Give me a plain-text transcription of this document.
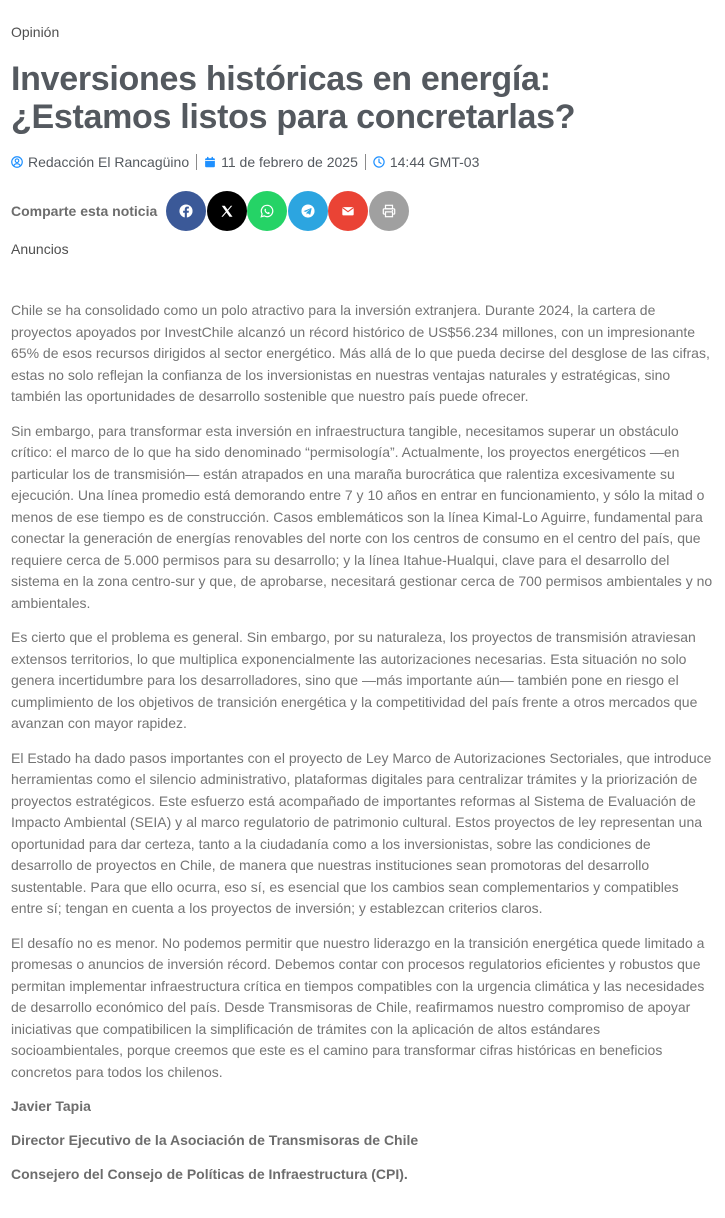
Opinión
Inversiones históricas en energía:
¿Estamos listos para concretarlas?
Redacción El Rancagüino 11 de febrero de 2025 14:44 GMT-03
Comparte esta noticia
Anuncios

Chile se ha consolidado como un polo atractivo para la inversión extranjera. Durante 2024, la cartera de proyectos apoyados por InvestChile alcanzó un récord histórico de US$56.234 millones, con un impresionante 65% de esos recursos dirigidos al sector energético. Más allá de lo que pueda decirse del desglose de las cifras, estas no solo reflejan la confianza de los inversionistas en nuestras ventajas naturales y estratégicas, sino también las oportunidades de desarrollo sostenible que nuestro país puede ofrecer.

Sin embargo, para transformar esta inversión en infraestructura tangible, necesitamos superar un obstáculo crítico: el marco de lo que ha sido denominado “permisología”. Actualmente, los proyectos energéticos —en particular los de transmisión— están atrapados en una maraña burocrática que ralentiza excesivamente su ejecución. Una línea promedio está demorando entre 7 y 10 años en entrar en funcionamiento, y sólo la mitad o menos de ese tiempo es de construcción. Casos emblemáticos son la línea Kimal-Lo Aguirre, fundamental para conectar la generación de energías renovables del norte con los centros de consumo en el centro del país, que requiere cerca de 5.000 permisos para su desarrollo; y la línea Itahue-Hualqui, clave para el desarrollo del sistema en la zona centro-sur y que, de aprobarse, necesitará gestionar cerca de 700 permisos ambientales y no ambientales.

Es cierto que el problema es general. Sin embargo, por su naturaleza, los proyectos de transmisión atraviesan extensos territorios, lo que multiplica exponencialmente las autorizaciones necesarias. Esta situación no solo genera incertidumbre para los desarrolladores, sino que —más importante aún— también pone en riesgo el cumplimiento de los objetivos de transición energética y la competitividad del país frente a otros mercados que avanzan con mayor rapidez.

El Estado ha dado pasos importantes con el proyecto de Ley Marco de Autorizaciones Sectoriales, que introduce herramientas como el silencio administrativo, plataformas digitales para centralizar trámites y la priorización de proyectos estratégicos. Este esfuerzo está acompañado de importantes reformas al Sistema de Evaluación de Impacto Ambiental (SEIA) y al marco regulatorio de patrimonio cultural. Estos proyectos de ley representan una oportunidad para dar certeza, tanto a la ciudadanía como a los inversionistas, sobre las condiciones de desarrollo de proyectos en Chile, de manera que nuestras instituciones sean promotoras del desarrollo sustentable. Para que ello ocurra, eso sí, es esencial que los cambios sean complementarios y compatibles entre sí; tengan en cuenta a los proyectos de inversión; y establezcan criterios claros.

El desafío no es menor. No podemos permitir que nuestro liderazgo en la transición energética quede limitado a promesas o anuncios de inversión récord. Debemos contar con procesos regulatorios eficientes y robustos que permitan implementar infraestructura crítica en tiempos compatibles con la urgencia climática y las necesidades de desarrollo económico del país. Desde Transmisoras de Chile, reafirmamos nuestro compromiso de apoyar iniciativas que compatibilicen la simplificación de trámites con la aplicación de altos estándares socioambientales, porque creemos que este es el camino para transformar cifras históricas en beneficios concretos para todos los chilenos.

Javier Tapia

Director Ejecutivo de la Asociación de Transmisoras de Chile

Consejero del Consejo de Políticas de Infraestructura (CPI).
